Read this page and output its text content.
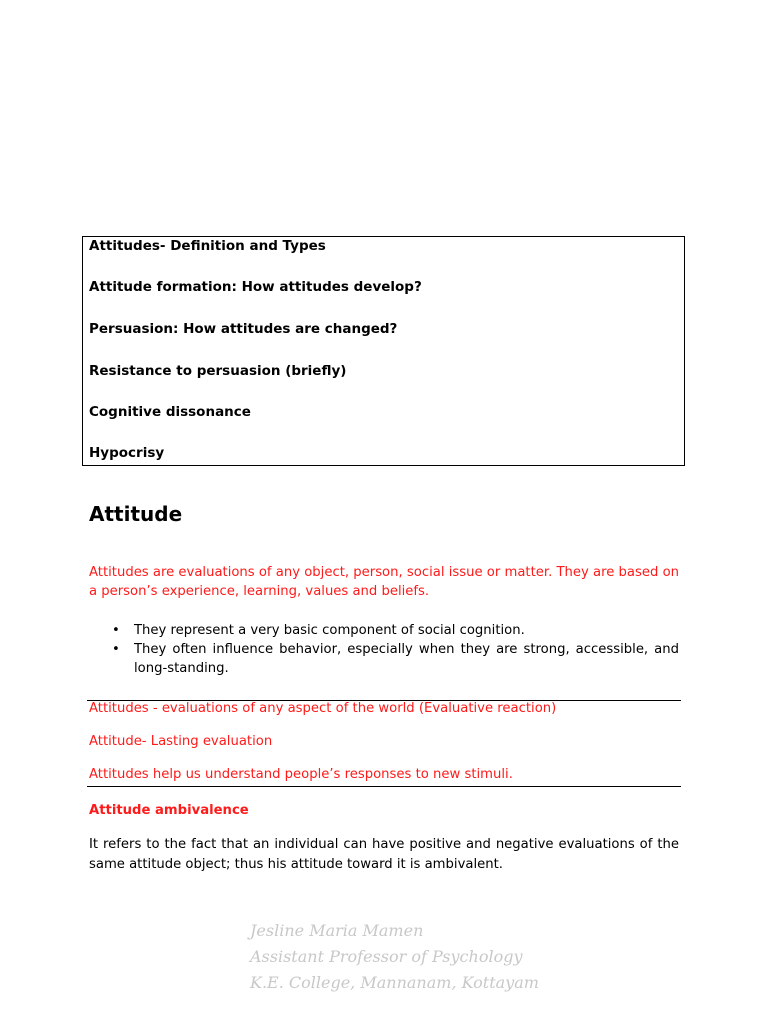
Attitudes- Definition and Types
Attitude formation: How attitudes develop?
Persuasion: How attitudes are changed?
Resistance to persuasion (briefly)
Cognitive dissonance
Hypocrisy
Attitude
Attitudes are evaluations of any object, person, social issue or matter. They are based on a person’s experience, learning, values and beliefs.
• They represent a very basic component of social cognition.
• They often influence behavior, especially when they are strong, accessible, and long-standing.
Attitudes - evaluations of any aspect of the world (Evaluative reaction)
Attitude- Lasting evaluation
Attitudes help us understand people’s responses to new stimuli.
Attitude ambivalence
It refers to the fact that an individual can have positive and negative evaluations of the same attitude object; thus his attitude toward it is ambivalent.
Jesline Maria Mamen
Assistant Professor of Psychology
K.E. College, Mannanam, Kottayam
